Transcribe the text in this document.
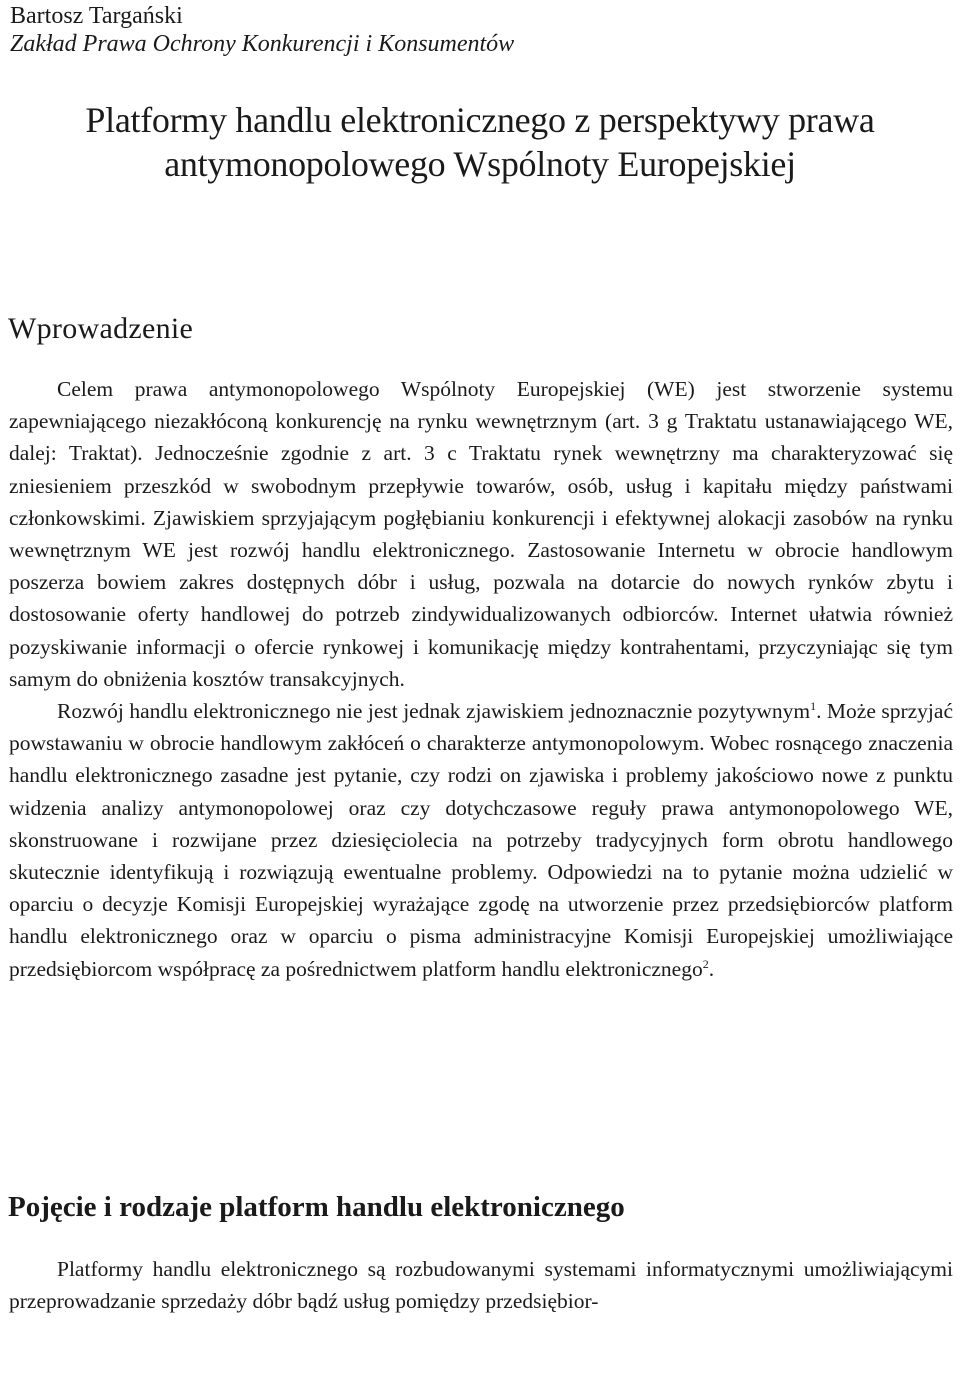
Bartosz Targański
Zakład Prawa Ochrony Konkurencji i Konsumentów
Platformy handlu elektronicznego z perspektywy prawa
antymonopolowego Wspólnoty Europejskiej
Wprowadzenie

Celem prawa antymonopolowego Wspólnoty Europejskiej (WE) jest stworzenie systemu zapewniającego niezakłóconą konkurencję na rynku wewnętrznym (art. 3 g Traktatu ustanawiającego WE, dalej: Traktat). Jednocześnie zgodnie z art. 3 c Traktatu rynek wewnętrzny ma charakteryzować się zniesieniem przeszkód w swobodnym przepływie towarów, osób, usług i kapitału między państwami członkowskimi. Zjawiskiem sprzyjającym pogłębianiu konkurencji i efektywnej alokacji zasobów na rynku wewnętrznym WE jest rozwój handlu elektronicznego. Zastosowanie Internetu w obrocie handlowym poszerza bowiem zakres dostępnych dóbr i usług, pozwala na dotarcie do nowych rynków zbytu i dostosowanie oferty handlowej do potrzeb zindywidualizowanych odbiorców. Internet ułatwia również pozyskiwanie informacji o ofercie rynkowej i komunikację między kontrahentami, przyczyniając się tym samym do obniżenia kosztów transakcyjnych.

Rozwój handlu elektronicznego nie jest jednak zjawiskiem jednoznacznie pozytywnym$^1$. Może sprzyjać powstawaniu w obrocie handlowym zakłóceń o charakterze antymonopolowym. Wobec rosnącego znaczenia handlu elektronicznego zasadne jest pytanie, czy rodzi on zjawiska i problemy jakościowo nowe z punktu widzenia analizy antymonopolowej oraz czy dotychczasowe reguły prawa antymonopolowego WE, skonstruowane i rozwijane przez dziesięciolecia na potrzeby tradycyjnych form obrotu handlowego skutecznie identyfikują i rozwiązują ewentualne problemy. Odpowiedzi na to pytanie można udzielić w oparciu o decyzje Komisji Europejskiej wyrażające zgodę na utworzenie przez przedsiębiorców platform handlu elektronicznego oraz w oparciu o pisma administracyjne Komisji Europejskiej umożliwiające przedsiębiorcom współpracę za pośrednictwem platform handlu elektronicznego$^2$.

Pojęcie i rodzaje platform handlu elektronicznego

Platformy handlu elektronicznego są rozbudowanymi systemami informatycznymi umożliwiającymi przeprowadzanie sprzedaży dóbr bądź usług pomiędzy przedsiębior-
